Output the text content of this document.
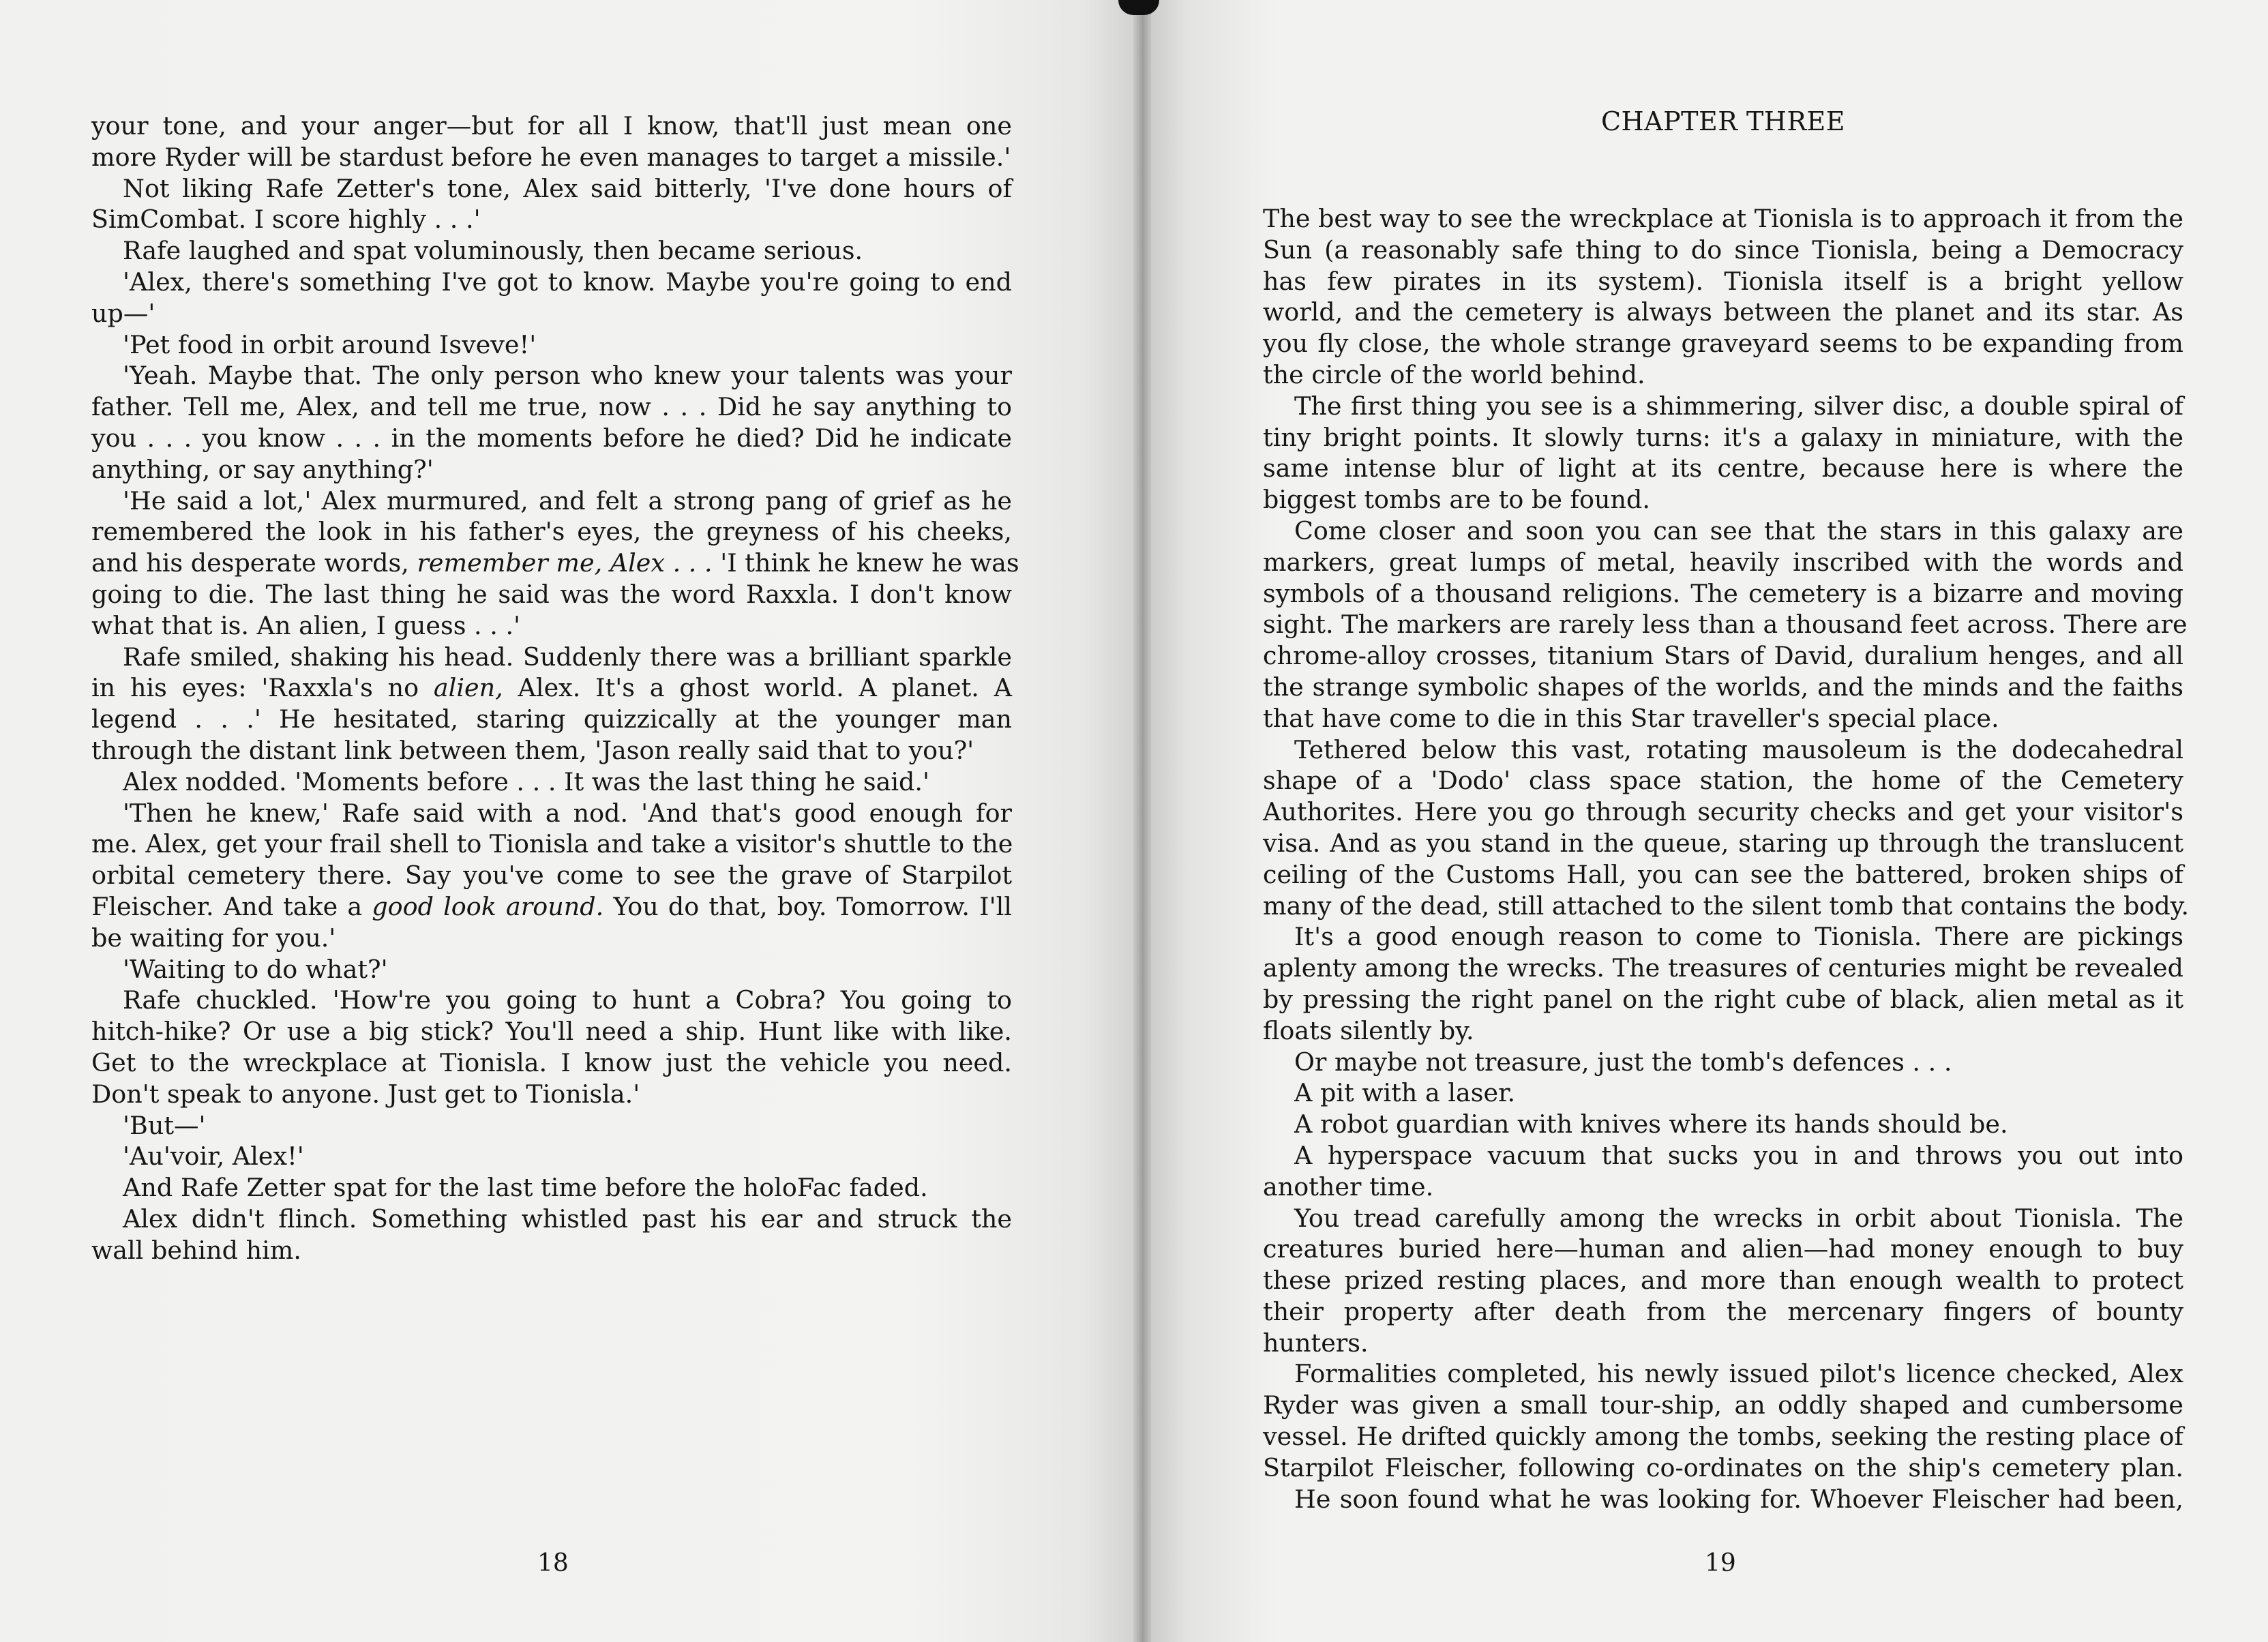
your tone, and your anger—but for all I know, that'll just mean one
more Ryder will be stardust before he even manages to target a missile.'
Not liking Rafe Zetter's tone, Alex said bitterly, 'I've done hours of
SimCombat. I score highly . . .'
Rafe laughed and spat voluminously, then became serious.
'Alex, there's something I've got to know. Maybe you're going to end
up—'
'Pet food in orbit around Isveve!'
'Yeah. Maybe that. The only person who knew your talents was your
father. Tell me, Alex, and tell me true, now . . . Did he say anything to
you . . . you know . . . in the moments before he died? Did he indicate
anything, or say anything?'
'He said a lot,' Alex murmured, and felt a strong pang of grief as he
remembered the look in his father's eyes, the greyness of his cheeks,
and his desperate words, remember me, Alex . . . 'I think he knew he was
going to die. The last thing he said was the word Raxxla. I don't know
what that is. An alien, I guess . . .'
Rafe smiled, shaking his head. Suddenly there was a brilliant sparkle
in his eyes: 'Raxxla's no alien, Alex. It's a ghost world. A planet. A
legend . . .' He hesitated, staring quizzically at the younger man
through the distant link between them, 'Jason really said that to you?'
Alex nodded. 'Moments before . . . It was the last thing he said.'
'Then he knew,' Rafe said with a nod. 'And that's good enough for
me. Alex, get your frail shell to Tionisla and take a visitor's shuttle to the
orbital cemetery there. Say you've come to see the grave of Starpilot
Fleischer. And take a good look around. You do that, boy. Tomorrow. I'll
be waiting for you.'
'Waiting to do what?'
Rafe chuckled. 'How're you going to hunt a Cobra? You going to
hitch-hike? Or use a big stick? You'll need a ship. Hunt like with like.
Get to the wreckplace at Tionisla. I know just the vehicle you need.
Don't speak to anyone. Just get to Tionisla.'
'But—'
'Au'voir, Alex!'
And Rafe Zetter spat for the last time before the holoFac faded.
Alex didn't flinch. Something whistled past his ear and struck the
wall behind him.
18
CHAPTER THREE
The best way to see the wreckplace at Tionisla is to approach it from the
Sun (a reasonably safe thing to do since Tionisla, being a Democracy
has few pirates in its system). Tionisla itself is a bright yellow
world, and the cemetery is always between the planet and its star. As
you fly close, the whole strange graveyard seems to be expanding from
the circle of the world behind.
The first thing you see is a shimmering, silver disc, a double spiral of
tiny bright points. It slowly turns: it's a galaxy in miniature, with the
same intense blur of light at its centre, because here is where the
biggest tombs are to be found.
Come closer and soon you can see that the stars in this galaxy are
markers, great lumps of metal, heavily inscribed with the words and
symbols of a thousand religions. The cemetery is a bizarre and moving
sight. The markers are rarely less than a thousand feet across. There are
chrome-alloy crosses, titanium Stars of David, duralium henges, and all
the strange symbolic shapes of the worlds, and the minds and the faiths
that have come to die in this Star traveller's special place.
Tethered below this vast, rotating mausoleum is the dodecahedral
shape of a 'Dodo' class space station, the home of the Cemetery
Authorites. Here you go through security checks and get your visitor's
visa. And as you stand in the queue, staring up through the translucent
ceiling of the Customs Hall, you can see the battered, broken ships of
many of the dead, still attached to the silent tomb that contains the body.
It's a good enough reason to come to Tionisla. There are pickings
aplenty among the wrecks. The treasures of centuries might be revealed
by pressing the right panel on the right cube of black, alien metal as it
floats silently by.
Or maybe not treasure, just the tomb's defences . . .
A pit with a laser.
A robot guardian with knives where its hands should be.
A hyperspace vacuum that sucks you in and throws you out into
another time.
You tread carefully among the wrecks in orbit about Tionisla. The
creatures buried here—human and alien—had money enough to buy
these prized resting places, and more than enough wealth to protect
their property after death from the mercenary fingers of bounty
hunters.
Formalities completed, his newly issued pilot's licence checked, Alex
Ryder was given a small tour-ship, an oddly shaped and cumbersome
vessel. He drifted quickly among the tombs, seeking the resting place of
Starpilot Fleischer, following co-ordinates on the ship's cemetery plan.
He soon found what he was looking for. Whoever Fleischer had been,
19
